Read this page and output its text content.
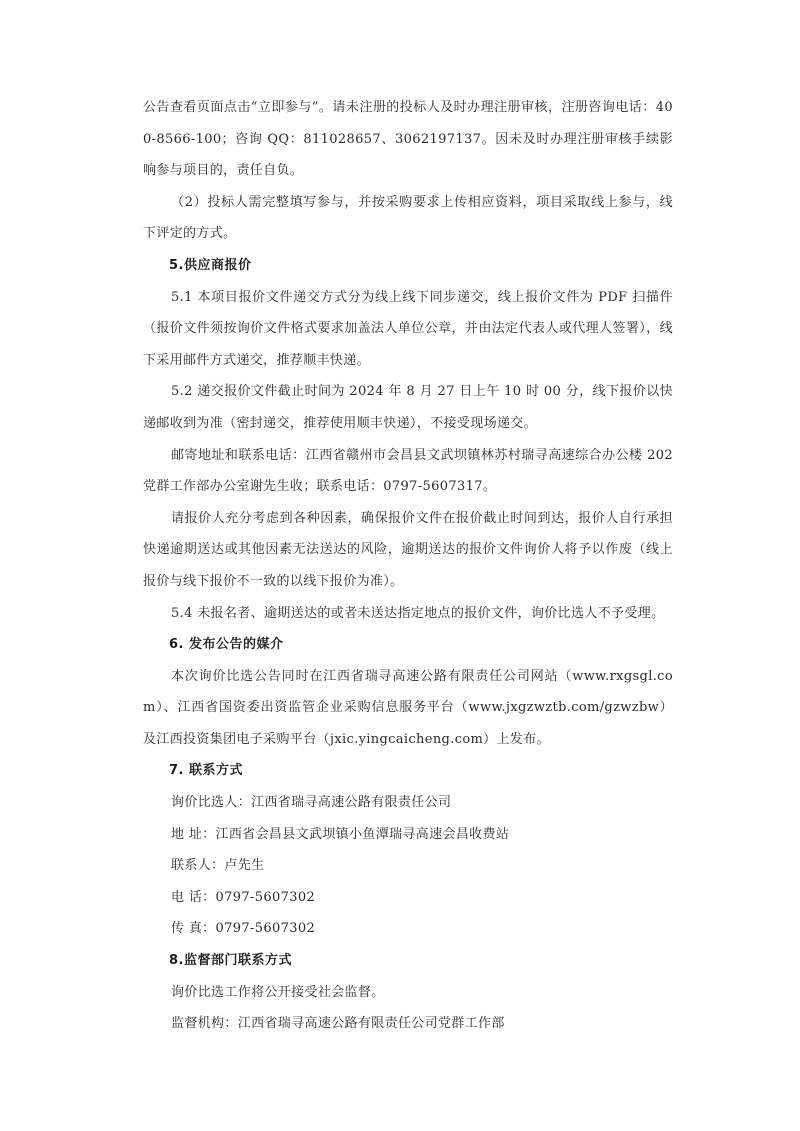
公告查看页面点击“立即参与”。请未注册的投标人及时办理注册审核，注册咨询电话：400-8566-100；咨询 QQ：811028657、3062197137。因未及时办理注册审核手续影响参与项目的，责任自负。

（2）投标人需完整填写参与，并按采购要求上传相应资料，项目采取线上参与，线下评定的方式。

5.供应商报价

5.1 本项目报价文件递交方式分为线上线下同步递交，线上报价文件为 PDF 扫描件（报价文件须按询价文件格式要求加盖法人单位公章，并由法定代表人或代理人签署），线下采用邮件方式递交，推荐顺丰快递。

5.2 递交报价文件截止时间为 2024 年 8 月 27 日上午 10 时 00 分，线下报价以快递邮收到为准（密封递交，推荐使用顺丰快递），不接受现场递交。

邮寄地址和联系电话：江西省赣州市会昌县文武坝镇林苏村瑞寻高速综合办公楼 202 党群工作部办公室谢先生收；联系电话：0797-5607317。

请报价人充分考虑到各种因素，确保报价文件在报价截止时间到达，报价人自行承担快递逾期送达或其他因素无法送达的风险，逾期送达的报价文件询价人将予以作废（线上报价与线下报价不一致的以线下报价为准）。

5.4 未报名者、逾期送达的或者未送达指定地点的报价文件，询价比选人不予受理。

6. 发布公告的媒介

本次询价比选公告同时在江西省瑞寻高速公路有限责任公司网站（www.rxgsgl.com）、江西省国资委出资监管企业采购信息服务平台（www.jxgzwztb.com/gzwzbw）及江西投资集团电子采购平台（jxic.yingcaicheng.com）上发布。

7. 联系方式

询价比选人：江西省瑞寻高速公路有限责任公司

地 址：江西省会昌县文武坝镇小鱼潭瑞寻高速会昌收费站

联系人：卢先生

电 话：0797-5607302

传 真：0797-5607302

8.监督部门联系方式

询价比选工作将公开接受社会监督。

监督机构：江西省瑞寻高速公路有限责任公司党群工作部
